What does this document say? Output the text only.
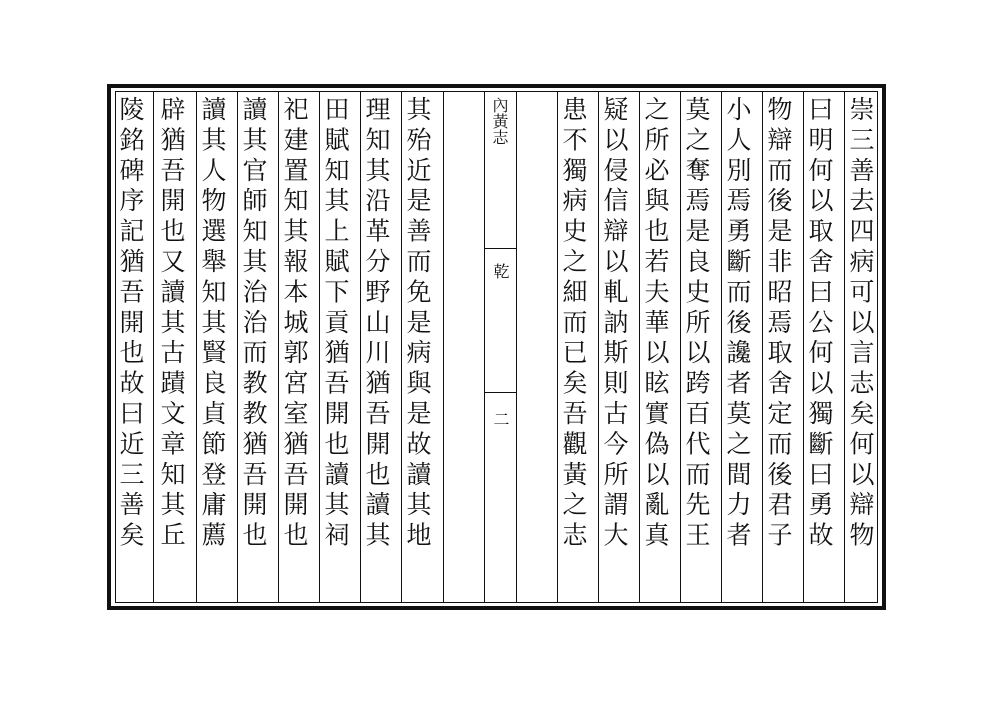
內黃志
乾
二	崇三善去四病可以言志矣何以辯物
曰明何以取舍曰公何以獨斷曰勇故
物辯而後是非昭焉取舍定而後君子
小人別焉勇斷而後讒者莫之間力者
莫之奪焉是良史所以跨百代而先王
之所必與也若夫華以眩實偽以亂真
疑以侵信辯以軋訥斯則古今所謂大
患不獨病史之細而已矣吾觀黃之志
其殆近是善而免是病與是故讀其地
理知其沿革分野山川猶吾開也讀其
田賦知其上賦下貢猶吾開也讀其祠
祀建置知其報本城郭宮室猶吾開也
讀其官師知其治治而教教猶吾開也
讀其人物選舉知其賢良貞節登庸薦
辟猶吾開也又讀其古蹟文章知其丘
陵銘碑序記猶吾開也故曰近三善矣
